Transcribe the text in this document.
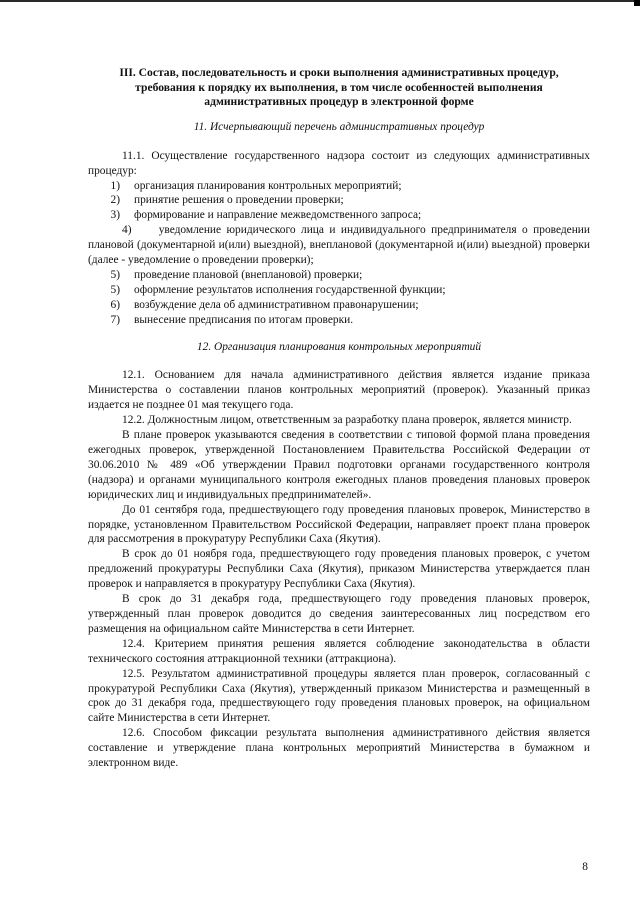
III. Состав, последовательность и сроки выполнения административных процедур, требования к порядку их выполнения, в том числе особенностей выполнения административных процедур в электронной форме
11. Исчерпывающий перечень административных процедур

11.1. Осуществление государственного надзора состоит из следующих административных процедур:

1)	организация планирования контрольных мероприятий;
2)	принятие решения о проведении проверки;
3)	формирование и направление межведомственного запроса;

4) уведомление юридического лица и индивидуального предпринимателя о проведении плановой (документарной и(или) выездной), внеплановой (документарной и(или) выездной) проверки (далее - уведомление о проведении проверки);

5)	проведение плановой (внеплановой) проверки;
5)	оформление результатов исполнения государственной функции;
6)	возбуждение дела об административном правонарушении;
7)	вынесение предписания по итогам проверки.
12. Организация планирования контрольных мероприятий

12.1. Основанием для начала административного действия является издание приказа Министерства о составлении планов контрольных мероприятий (проверок). Указанный приказ издается не позднее 01 мая текущего года.

12.2. Должностным лицом, ответственным за разработку плана проверок, является министр.

В плане проверок указываются сведения в соответствии с типовой формой плана проведения ежегодных проверок, утвержденной Постановлением Правительства Российской Федерации от 30.06.2010 № 489 «Об утверждении Правил подготовки органами государственного контроля (надзора) и органами муниципального контроля ежегодных планов проведения плановых проверок юридических лиц и индивидуальных предпринимателей».

До 01 сентября года, предшествующего году проведения плановых проверок, Министерство в порядке, установленном Правительством Российской Федерации, направляет проект плана проверок для рассмотрения в прокуратуру Республики Саха (Якутия).

В срок до 01 ноября года, предшествующего году проведения плановых проверок, с учетом предложений прокуратуры Республики Саха (Якутия), приказом Министерства утверждается план проверок и направляется в прокуратуру Республики Саха (Якутия).

В срок до 31 декабря года, предшествующего году проведения плановых проверок, утвержденный план проверок доводится до сведения заинтересованных лиц посредством его размещения на официальном сайте Министерства в сети Интернет.

12.4. Критерием принятия решения является соблюдение законодательства в области технического состояния аттракционной техники (аттракциона).

12.5. Результатом административной процедуры является план проверок, согласованный с прокуратурой Республики Саха (Якутия), утвержденный приказом Министерства и размещенный в срок до 31 декабря года, предшествующего году проведения плановых проверок, на официальном сайте Министерства в сети Интернет.

12.6. Способом фиксации результата выполнения административного действия является составление и утверждение плана контрольных мероприятий Министерства в бумажном и электронном виде.

8
